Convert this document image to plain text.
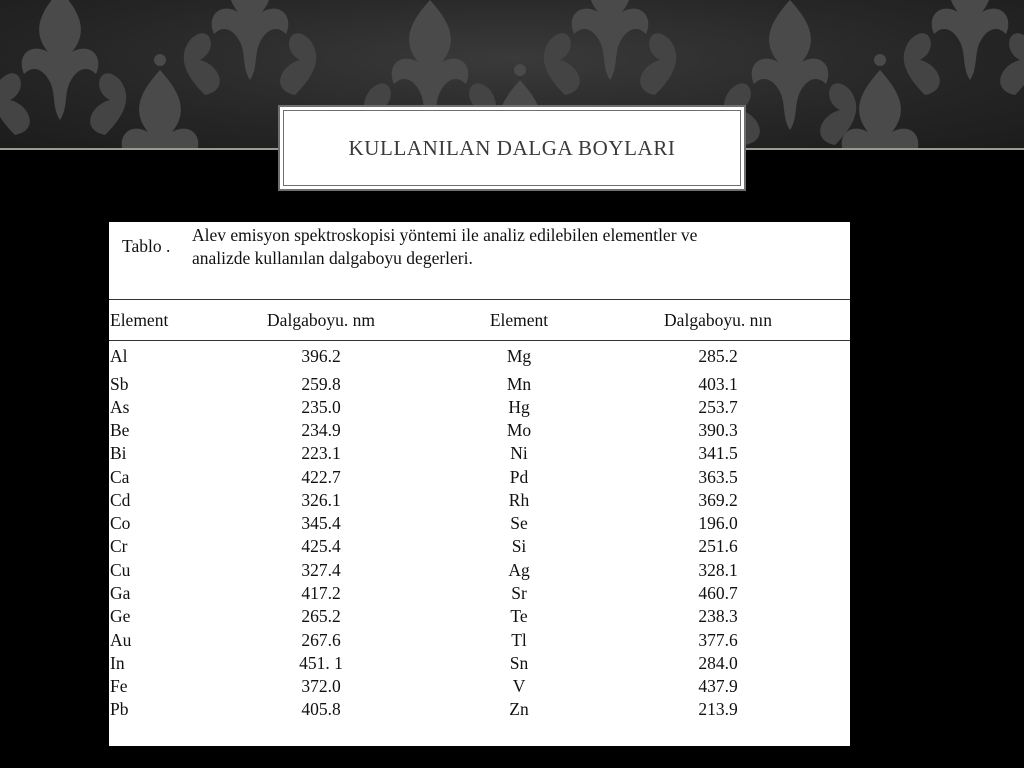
KULLANILAN DALGA BOYLARI
Tablo .
Alev emisyon spektroskopisi yöntemi ile analiz edilebilen elementler ve
analizde kullanılan dalgaboyu degerleri.
Element	Dalgaboyu. nm	Element	Dalgaboyu. nın
Al	396.2	Mg	285.2
Sb	259.8	Mn	403.1
As	235.0	Hg	253.7
Be	234.9	Mo	390.3
Bi	223.1	Ni	341.5
Ca	422.7	Pd	363.5
Cd	326.1	Rh	369.2
Co	345.4	Se	196.0
Cr	425.4	Si	251.6
Cu	327.4	Ag	328.1
Ga	417.2	Sr	460.7
Ge	265.2	Te	238.3
Au	267.6	Tl	377.6
In	451. 1	Sn	284.0
Fe	372.0	V	437.9
Pb	405.8	Zn	213.9
